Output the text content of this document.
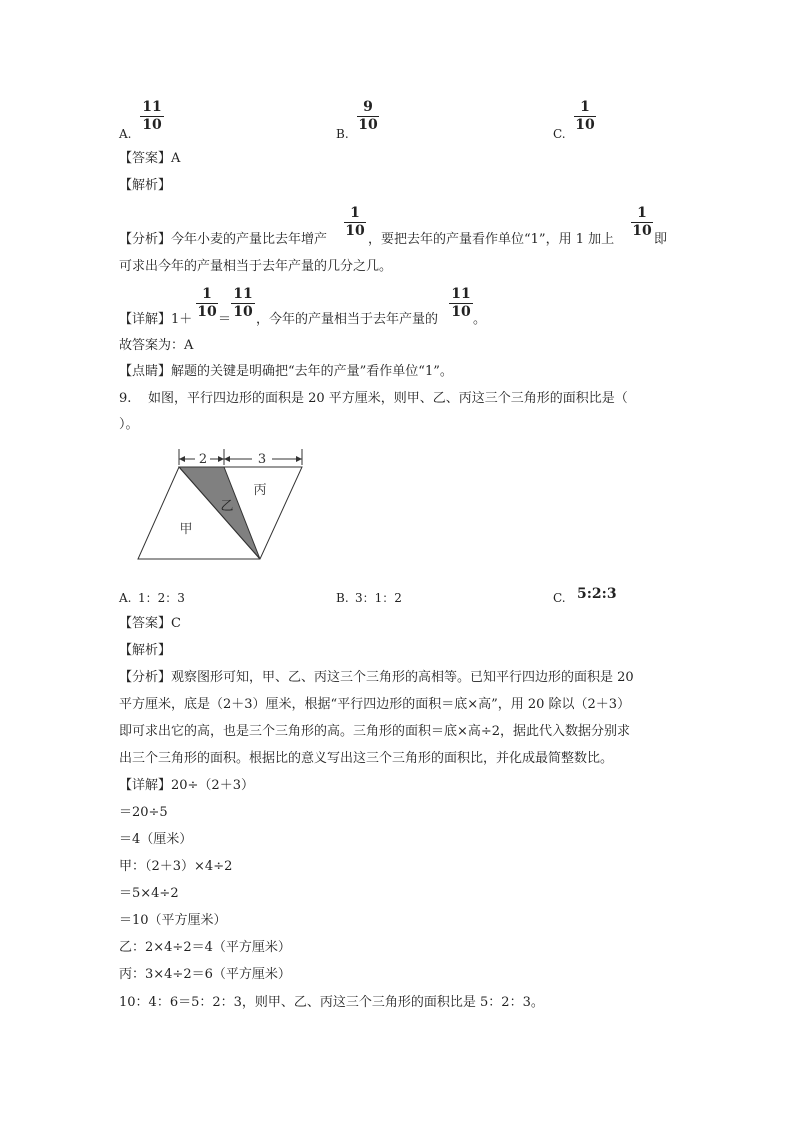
A.
11
10
B.
9
10
C.
1
10
【答案】A
【解析】
【分析】今年小麦的产量比去年增产
1
10
，要把去年的产量看作单位“1”，用 1 加上
1
10
即
可求出今年的产量相当于去年产量的几分之几。
【详解】1＋
1
10 ＝
11
10 ，今年的产量相当于去年产量的
11
10 。
故答案为：A
【点睛】解题的关键是明确把“去年的产量”看作单位“1”。
9. 如图，平行四边形的面积是 20 平方厘米，则甲、乙、丙这三个三角形的面积比是（
）。
2	3
乙
丙
甲
A. 1：2：3	B. 3：1：2	C. 5:2:3
【答案】C
【解析】
【分析】观察图形可知，甲、乙、丙这三个三角形的高相等。已知平行四边形的面积是 20
平方厘米，底是（2＋3）厘米，根据“平行四边形的面积＝底×高”，用 20 除以（2＋3）
即可求出它的高，也是三个三角形的高。三角形的面积＝底×高÷2，据此代入数据分别求
出三个三角形的面积。根据比的意义写出这三个三角形的面积比，并化成最简整数比。
【详解】20÷（2＋3）
＝20÷5
＝4（厘米）
甲：（2＋3）×4÷2
＝5×4÷2
＝10（平方厘米）
乙：2×4÷2＝4（平方厘米）
丙：3×4÷2＝6（平方厘米）
10：4：6＝5：2：3，则甲、乙、丙这三个三角形的面积比是 5：2：3。
